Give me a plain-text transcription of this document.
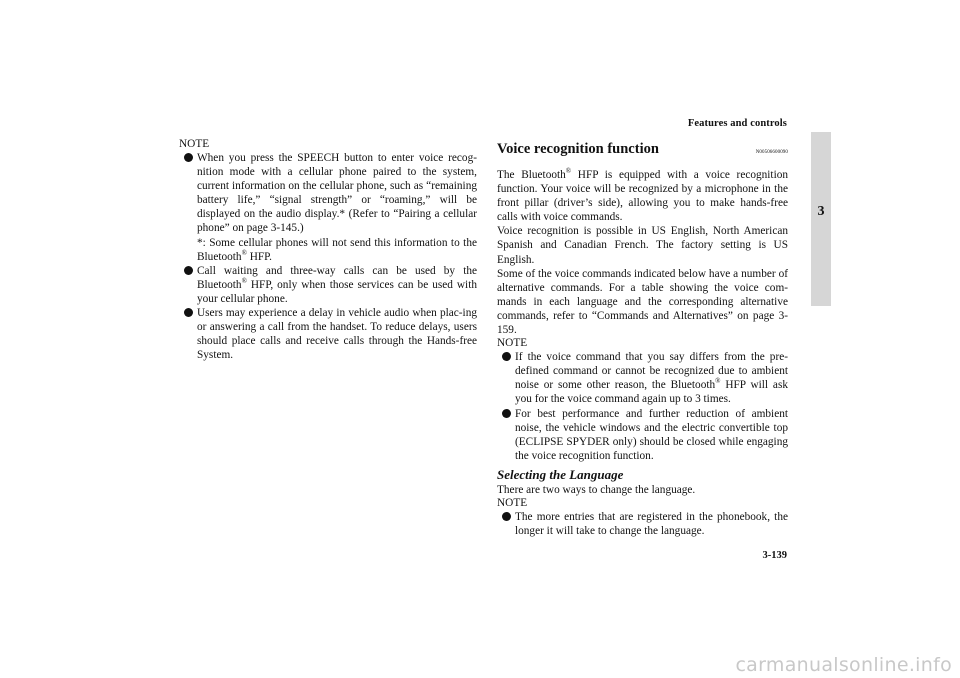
Features and controls
3
NOTE

When you press the SPEECH button to enter voice recog-nition mode with a cellular phone paired to the system, current information on the cellular phone, such as “remaining battery life,” “signal strength” or “roaming,” will be displayed on the audio display.* (Refer to “Pairing a cellular phone” on page 3-145.)

*: Some cellular phones will not send this information to the Bluetooth® HFP.

Call waiting and three-way calls can be used by the Bluetooth® HFP, only when those services can be used with your cellular phone.

Users may experience a delay in vehicle audio when plac-ing or answering a call from the handset. To reduce delays, users should place calls and receive calls through the Hands-free System.

Voice recognition function	N00506600090

The Bluetooth® HFP is equipped with a voice recognition function. Your voice will be recognized by a microphone in the front pillar (driver’s side), allowing you to make hands-free calls with voice commands.

Voice recognition is possible in US English, North American Spanish and Canadian French. The factory setting is US English.

Some of the voice commands indicated below have a number of alternative commands. For a table showing the voice com-mands in each language and the corresponding alternative commands, refer to “Commands and Alternatives” on page 3-159.

NOTE

If the voice command that you say differs from the pre-defined command or cannot be recognized due to ambient noise or some other reason, the Bluetooth® HFP will ask you for the voice command again up to 3 times.

For best performance and further reduction of ambient noise, the vehicle windows and the electric convertible top (ECLIPSE SPYDER only) should be closed while engaging the voice recognition function.

Selecting the Language

There are two ways to change the language.

NOTE

The more entries that are registered in the phonebook, the longer it will take to change the language.

3-139
carmanualsonline.info
